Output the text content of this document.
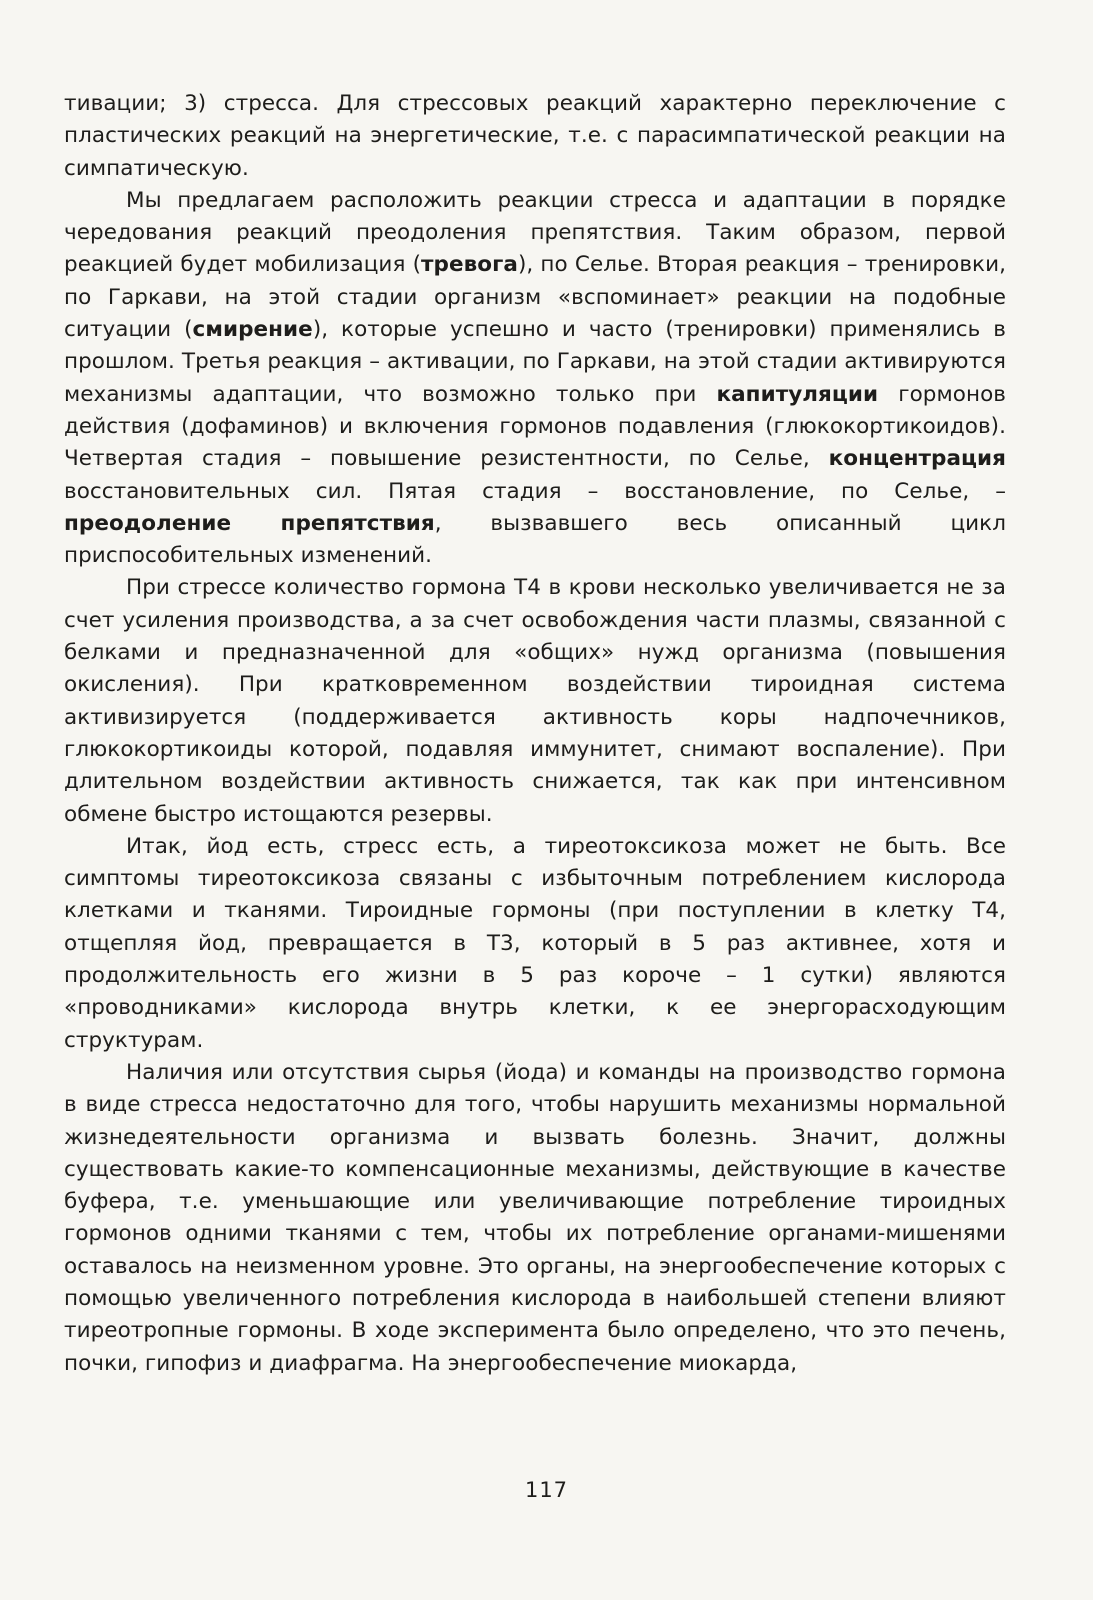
тивации; 3) стресса. Для стрессовых реакций характерно переключение с пластических реакций на энергетические, т.е. с парасимпатической реакции на симпатическую.

Мы предлагаем расположить реакции стресса и адаптации в порядке чередования реакций преодоления препятствия. Таким образом, первой реакцией будет мобилизация (тревога), по Селье. Вторая реакция – тренировки, по Гаркави, на этой стадии организм «вспоминает» реакции на подобные ситуации (смирение), которые успешно и часто (тренировки) применялись в прошлом. Третья реакция – активации, по Гаркави, на этой стадии активируются механизмы адаптации, что возможно только при капитуляции гормонов действия (дофаминов) и включения гормонов подавления (глюкокортикоидов). Четвертая стадия – повышение резистентности, по Селье, концентрация восстановительных сил. Пятая стадия – восстановление, по Селье, – преодоление препятствия, вызвавшего весь описанный цикл приспособительных изменений.

При стрессе количество гормона Т4 в крови несколько увеличивается не за счет усиления производства, а за счет освобождения части плазмы, связанной с белками и предназначенной для «общих» нужд организма (повышения окисления). При кратковременном воздействии тироидная система активизируется (поддерживается активность коры надпочечников, глюкокортикоиды которой, подавляя иммунитет, снимают воспаление). При длительном воздействии активность снижается, так как при интенсивном обмене быстро истощаются резервы.

Итак, йод есть, стресс есть, а тиреотоксикоза может не быть. Все симптомы тиреотоксикоза связаны с избыточным потреблением кислорода клетками и тканями. Тироидные гормоны (при поступлении в клетку Т4, отщепляя йод, превращается в Т3, который в 5 раз активнее, хотя и продолжительность его жизни в 5 раз короче – 1 сутки) являются «проводниками» кислорода внутрь клетки, к ее энергорасходующим структурам.

Наличия или отсутствия сырья (йода) и команды на производство гормона в виде стресса недостаточно для того, чтобы нарушить механизмы нормальной жизнедеятельности организма и вызвать болезнь. Значит, должны существовать какие-то компенсационные механизмы, действующие в качестве буфера, т.е. уменьшающие или увеличивающие потребление тироидных гормонов одними тканями с тем, чтобы их потребление органами-мишенями оставалось на неизменном уровне. Это органы, на энергообеспечение которых с помощью увеличенного потребления кислорода в наибольшей степени влияют тиреотропные гормоны. В ходе эксперимента было определено, что это печень, почки, гипофиз и диафрагма. На энергообеспечение миокарда,

117
